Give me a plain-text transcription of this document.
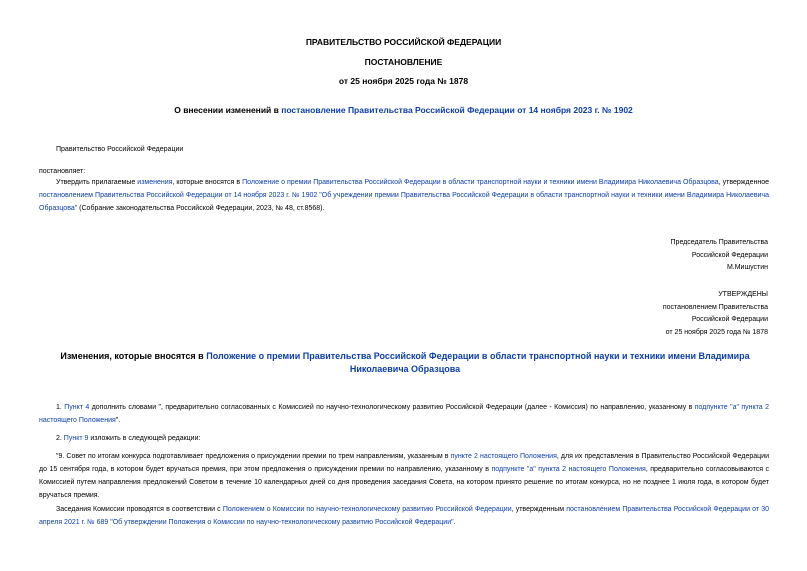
ПРАВИТЕЛЬСТВО РОССИЙСКОЙ ФЕДЕРАЦИИ
ПОСТАНОВЛЕНИЕ
от 25 ноября 2025 года № 1878
О внесении изменений в постановление Правительства Российской Федерации от 14 ноября 2023 г. № 1902
Правительство Российской Федерации
постановляет:
Утвердить прилагаемые изменения, которые вносятся в Положение о премии Правительства Российской Федерации в области транспортной науки и техники имени Владимира Николаевича Образцова, утвержденное постановлением Правительства Российской Федерации от 14 ноября 2023 г. № 1902 "Об учреждении премии Правительства Российской Федерации в области транспортной науки и техники имени Владимира Николаевича Образцова" (Собрание законодательства Российской Федерации, 2023, № 48, ст.8568).
Председатель Правительства
Российской Федерации
М.Мишустин
УТВЕРЖДЕНЫ
постановлением Правительства
Российской Федерации
от 25 ноября 2025 года № 1878
Изменения, которые вносятся в Положение о премии Правительства Российской Федерации в области транспортной науки и техники имени Владимира Николаевича Образцова
1. Пункт 4 дополнить словами ", предварительно согласованных с Комиссией по научно-технологическому развитию Российской Федерации (далее - Комиссия) по направлению, указанному в подпункте "а" пункта 2 настоящего Положения".
2. Пункт 9 изложить в следующей редакции:
"9. Совет по итогам конкурса подготавливает предложения о присуждении премии по трем направлениям, указанным в пункте 2 настоящего Положения, для их представления в Правительство Российской Федерации до 15 сентября года, в котором будет вручаться премия, при этом предложения о присуждении премии по направлению, указанному в подпункте "а" пункта 2 настоящего Положения, предварительно согласовываются с Комиссией путем направления предложений Советом в течение 10 календарных дней со дня проведения заседания Совета, на котором принято решение по итогам конкурса, но не позднее 1 июля года, в котором будет вручаться премия.
Заседания Комиссии проводятся в соответствии с Положением о Комиссии по научно-технологическому развитию Российской Федерации, утвержденным постановлением Правительства Российской Федерации от 30 апреля 2021 г. № 689 "Об утверждении Положения о Комиссии по научно-технологическому развитию Российской Федерации".
